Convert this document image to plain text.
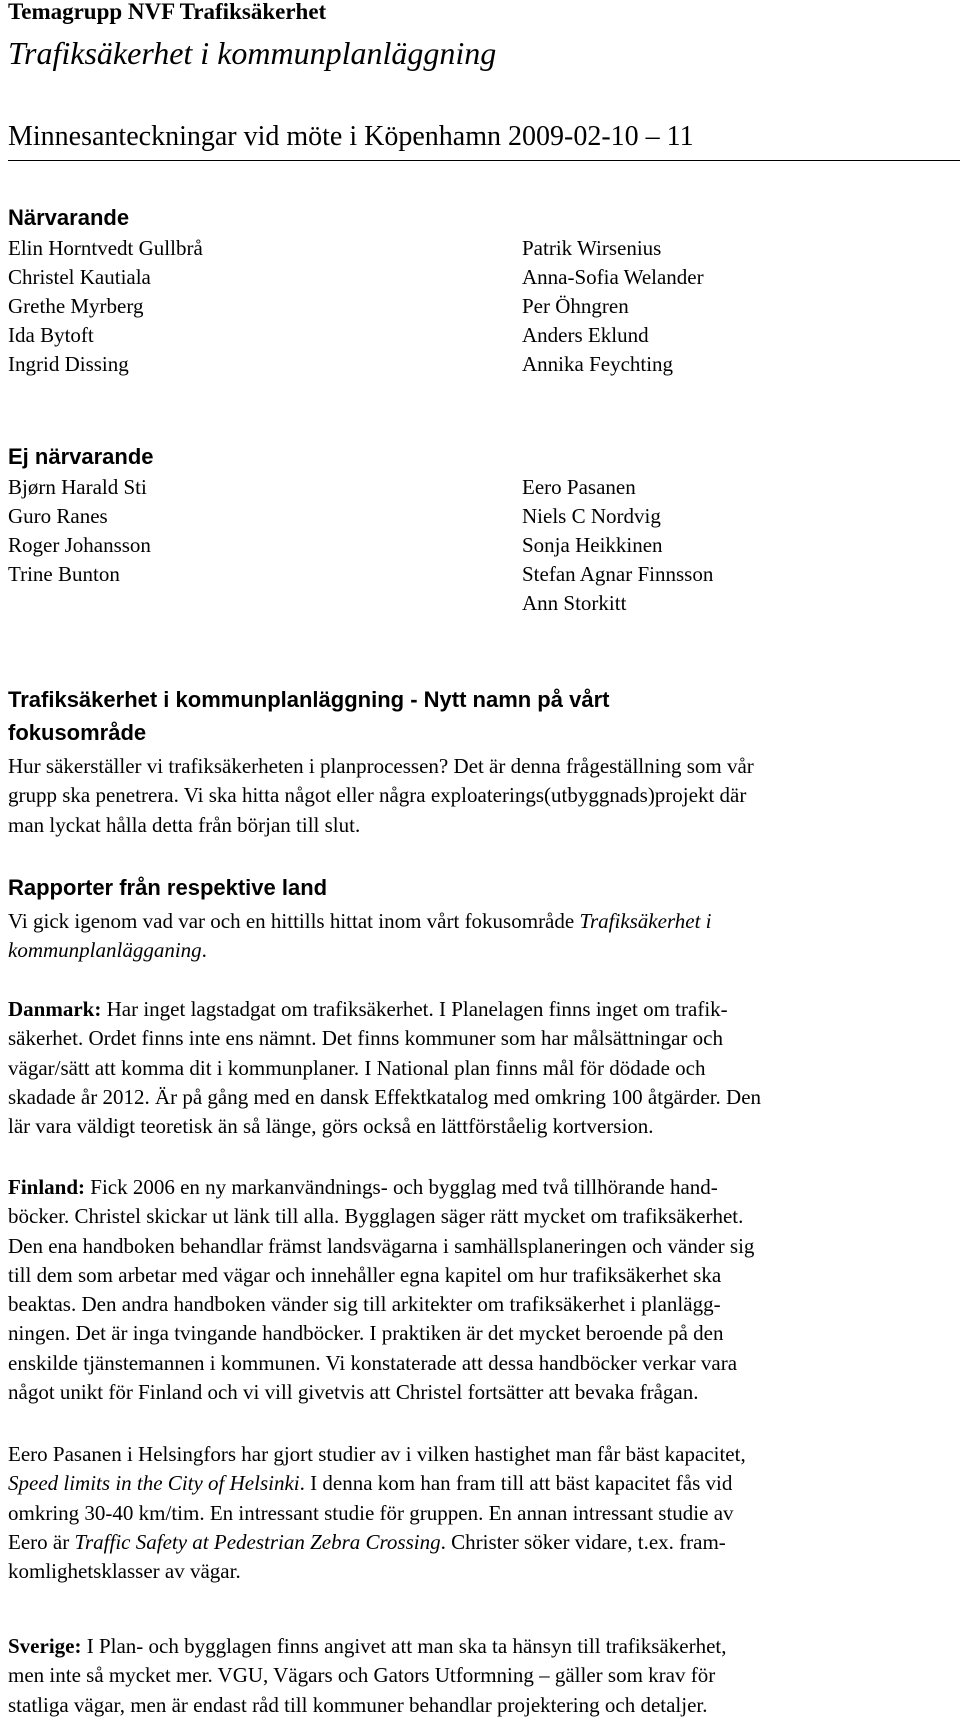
Temagrupp NVF Trafiksäkerhet
Trafiksäkerhet i kommunplanläggning
Minnesanteckningar vid möte i Köpenhamn 2009-02-10 – 11
Närvarande
Elin Horntvedt Gullbrå
Christel Kautiala
Grethe Myrberg
Ida Bytoft
Ingrid Dissing
Patrik Wirsenius
Anna-Sofia Welander
Per Öhngren
Anders Eklund
Annika Feychting
Ej närvarande
Bjørn Harald Sti
Guro Ranes
Roger Johansson
Trine Bunton
Eero Pasanen
Niels C Nordvig
Sonja Heikkinen
Stefan Agnar Finnsson
Ann Storkitt
Trafiksäkerhet i kommunplanläggning - Nytt namn på vårt
fokusområde
Hur säkerställer vi trafiksäkerheten i planprocessen? Det är denna frågeställning som vår
grupp ska penetrera. Vi ska hitta något eller några exploaterings(utbyggnads)projekt där
man lyckat hålla detta från början till slut.
Rapporter från respektive land
Vi gick igenom vad var och en hittills hittat inom vårt fokusområde Trafiksäkerhet i
kommunplanlägganing.
Danmark: Har inget lagstadgat om trafiksäkerhet. I Planelagen finns inget om trafik-
säkerhet. Ordet finns inte ens nämnt. Det finns kommuner som har målsättningar och
vägar/sätt att komma dit i kommunplaner. I National plan finns mål för dödade och
skadade år 2012. Är på gång med en dansk Effektkatalog med omkring 100 åtgärder. Den
lär vara väldigt teoretisk än så länge, görs också en lättförståelig kortversion.
Finland: Fick 2006 en ny markanvändnings- och bygglag med två tillhörande hand-
böcker. Christel skickar ut länk till alla. Bygglagen säger rätt mycket om trafiksäkerhet.
Den ena handboken behandlar främst landsvägarna i samhällsplaneringen och vänder sig
till dem som arbetar med vägar och innehåller egna kapitel om hur trafiksäkerhet ska
beaktas. Den andra handboken vänder sig till arkitekter om trafiksäkerhet i planlägg-
ningen. Det är inga tvingande handböcker. I praktiken är det mycket beroende på den
enskilde tjänstemannen i kommunen. Vi konstaterade att dessa handböcker verkar vara
något unikt för Finland och vi vill givetvis att Christel fortsätter att bevaka frågan.
Eero Pasanen i Helsingfors har gjort studier av i vilken hastighet man får bäst kapacitet,
Speed limits in the City of Helsinki. I denna kom han fram till att bäst kapacitet fås vid
omkring 30-40 km/tim. En intressant studie för gruppen. En annan intressant studie av
Eero är Traffic Safety at Pedestrian Zebra Crossing. Christer söker vidare, t.ex. fram-
komlighetsklasser av vägar.
Sverige: I Plan- och bygglagen finns angivet att man ska ta hänsyn till trafiksäkerhet,
men inte så mycket mer. VGU, Vägars och Gators Utformning – gäller som krav för
statliga vägar, men är endast råd till kommuner behandlar projektering och detaljer.
